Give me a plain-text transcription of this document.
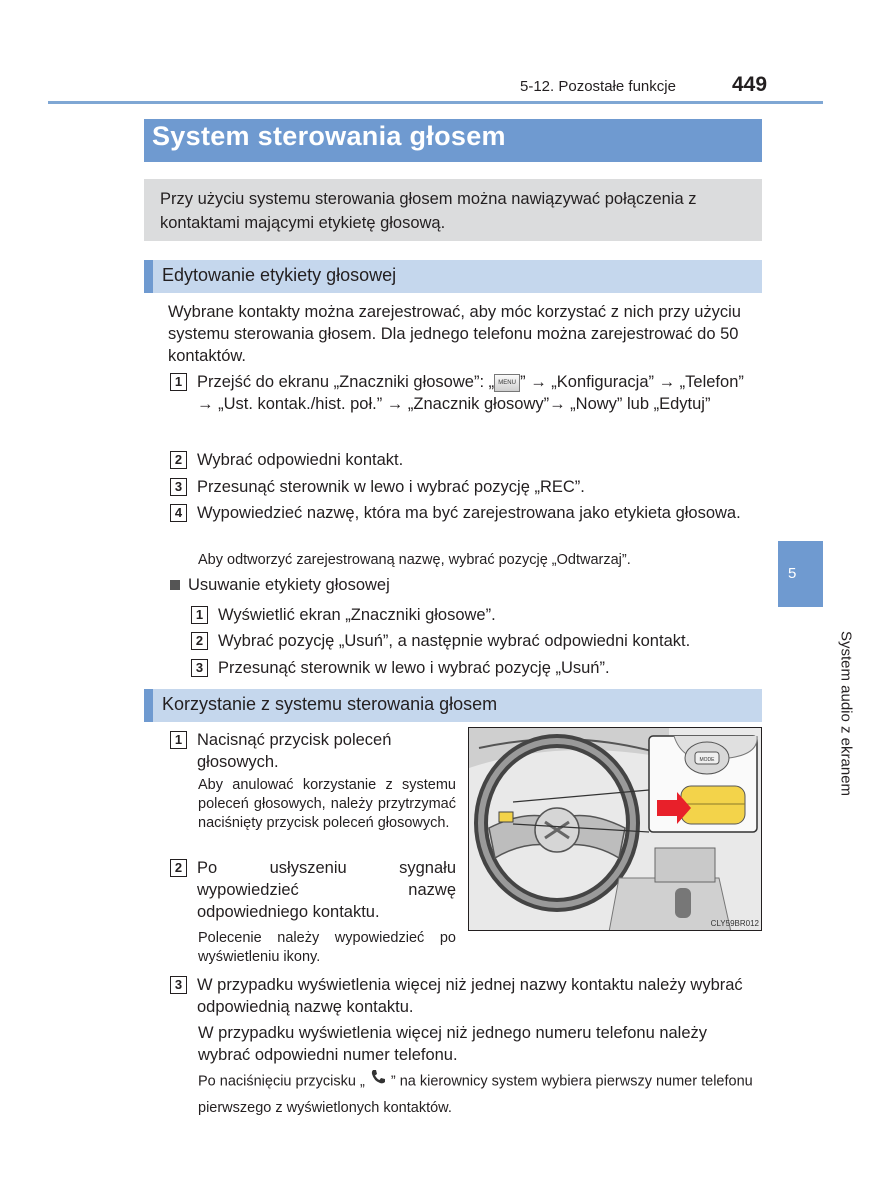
5-12. Pozostałe funkcje	449
System sterowania głosem
Przy użyciu systemu sterowania głosem można nawiązywać połączenia z kontaktami mającymi etykietę głosową.
Edytowanie etykiety głosowej
Wybrane kontakty można zarejestrować, aby móc korzystać z nich przy użyciu systemu sterowania głosem. Dla jednego telefonu można zarejestrować do 50 kontaktów.
1 Przejść do ekranu „Znaczniki głosowe”: „ MENU ” → „Konfiguracja” → „Telefon” → „Ust. kontak./hist. poł.” → „Znacznik głosowy”→ „Nowy” lub „Edytuj”
2 Wybrać odpowiedni kontakt.
3 Przesunąć sterownik w lewo i wybrać pozycję „REC”.
4 Wypowiedzieć nazwę, która ma być zarejestrowana jako etykieta głosowa.
Aby odtworzyć zarejestrowaną nazwę, wybrać pozycję „Odtwarzaj”.
Usuwanie etykiety głosowej
1 Wyświetlić ekran „Znaczniki głosowe”.
2 Wybrać pozycję „Usuń”, a następnie wybrać odpowiedni kontakt.
3 Przesunąć sterownik w lewo i wybrać pozycję „Usuń”.
Korzystanie z systemu sterowania głosem
1 Nacisnąć przycisk poleceń głosowych.
Aby anulować korzystanie z systemu poleceń głosowych, należy przytrzymać naciśnięty przycisk poleceń głosowych.
2 Po usłyszeniu sygnału wypowiedzieć nazwę odpowiedniego kontaktu.
Polecenie należy wypowiedzieć po wyświetleniu ikony.
CLY59BR012
MODE
3 W przypadku wyświetlenia więcej niż jednej nazwy kontaktu należy wybrać odpowiednią nazwę kontaktu.
W przypadku wyświetlenia więcej niż jednego numeru telefonu należy wybrać odpowiedni numer telefonu.
Po naciśnięciu przycisku „  ” na kierownicy system wybiera pierwszy numer telefonu pierwszego z wyświetlonych kontaktów.
5
System audio z ekranem
